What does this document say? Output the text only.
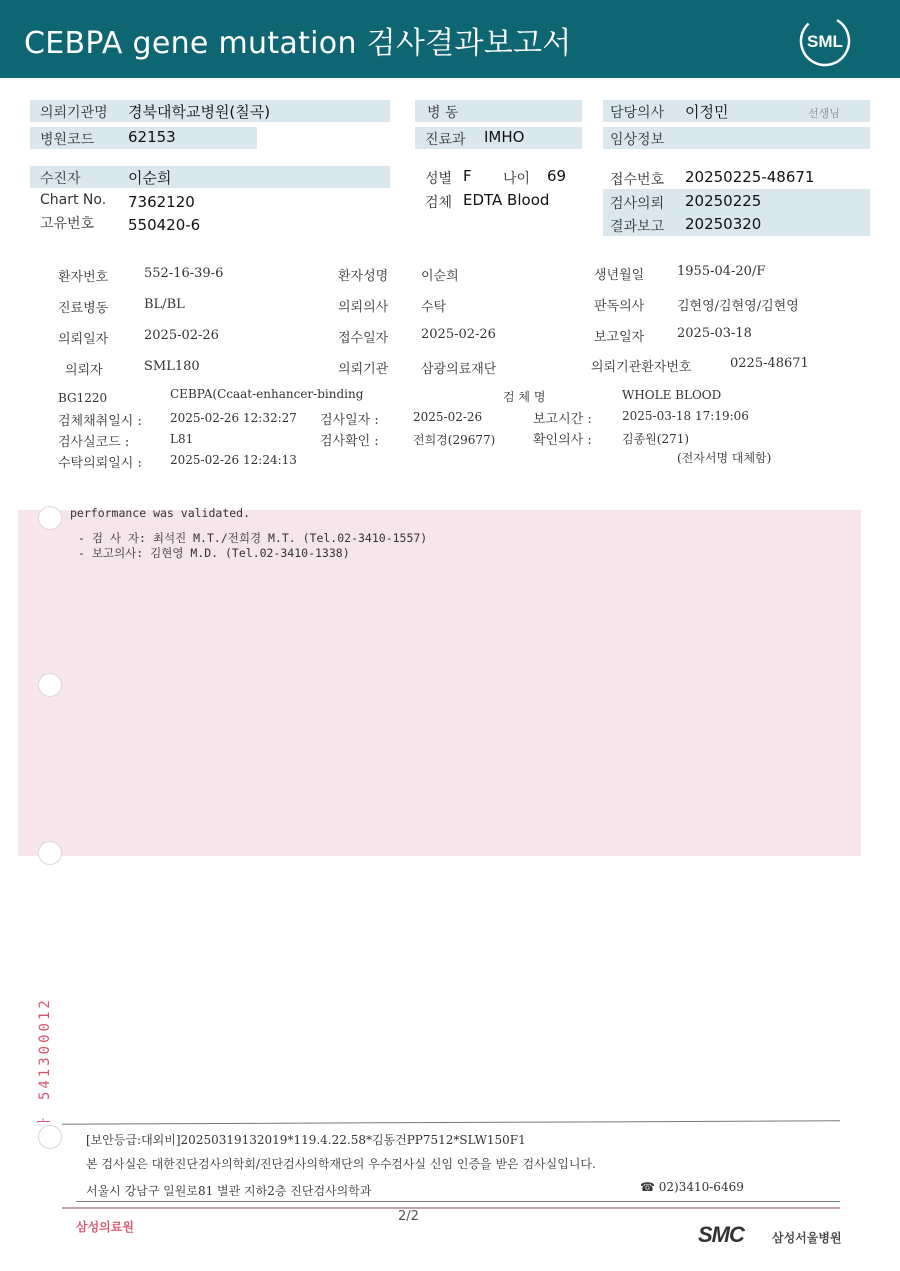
CEBPA gene mutation 검사결과보고서	SML
의뢰기관명 경북대학교병원(칠곡)
병원코드 62153
병 동
진료과 IMHO
담당의사 이정민	선생님
임상정보
수진자	이순희
Chart No. 7362120
고유번호 550420-6
성별 F 나이 69
검체 EDTA Blood
접수번호 20250225-48671
검사의뢰 20250225
결과보고 20250320
환자번호	552-16-39-6	환자성명	이순희	생년월일	1955-04-20/F
진료병동	BL/BL	의뢰의사	수탁	판독의사	김현영/김현영/김현영
의뢰일자	2025-02-26	접수일자	2025-02-26	보고일자	2025-03-18
의뢰자	SML180	의뢰기관	삼광의료재단	의뢰기관환자번호	0225-48671
BG1220	CEBPA(Ccaat-enhancer-binding	검 체 명	WHOLE BLOOD
검체채취일시 : 2025-02-26 12:32:27 검사일자 :	2025-02-26	보고시간 :	2025-03-18 17:19:06
검사실코드 :	L81	검사확인 :	전희경(29677)	확인의사 :	김종원(271)
수탁의뢰일시 : 2025-02-26 12:24:13	(전자서명 대체함)
performance was validated.
- 검 사 자: 최석진 M.T./전희경 M.T. (Tel.02-3410-1557)
- 보고의사: 김현영 M.D. (Tel.02-3410-1338)
ㅏ 541300012
[보안등급:대외비]20250319132019*119.4.22.58*김동건PP7512*SLW150F1
본 검사실은 대한진단검사의학회/진단검사의학재단의 우수검사실 신임 인증을 받은 검사실입니다.
서울시 강남구 일원로81 별관 지하2층 진단검사의학과	☎ 02)3410-6469
삼성의료원
2/2
SMC 삼성서울병원
